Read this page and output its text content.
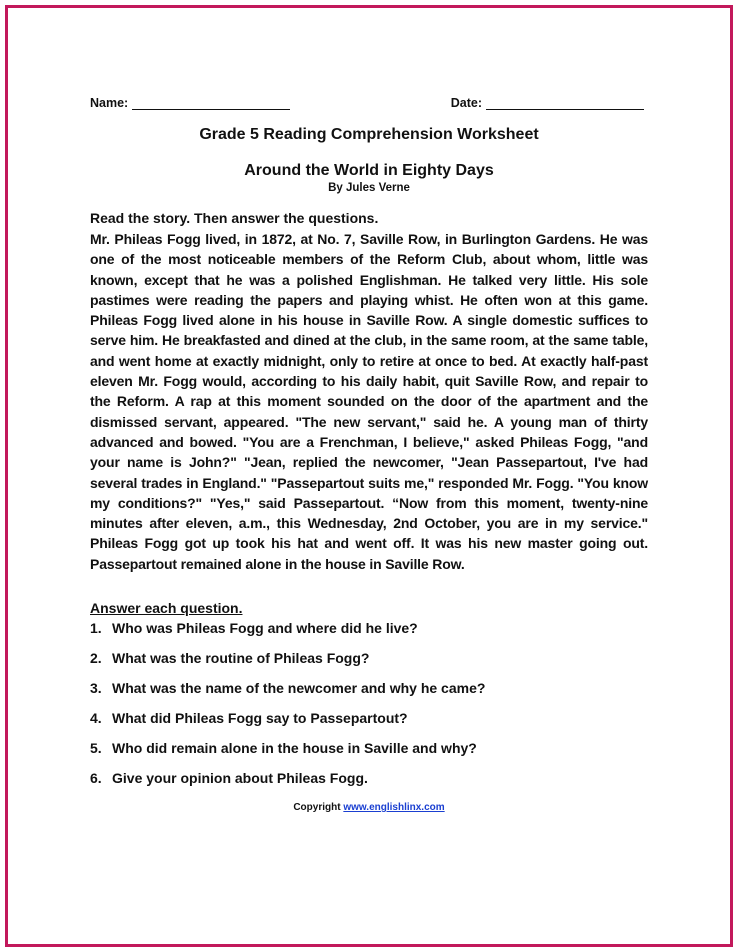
Name:	Date:
Grade 5 Reading Comprehension Worksheet
Around the World in Eighty Days
By Jules Verne
Read the story. Then answer the questions.
Mr. Phileas Fogg lived, in 1872, at No. 7, Saville Row, in Burlington Gardens. He was one of the most noticeable members of the Reform Club, about whom, little was known, except that he was a polished Englishman. He talked very little. His sole pastimes were reading the papers and playing whist. He often won at this game. Phileas Fogg lived alone in his house in Saville Row. A single domestic suffices to serve him. He breakfasted and dined at the club, in the same room, at the same table, and went home at exactly midnight, only to retire at once to bed. At exactly half-past eleven Mr. Fogg would, according to his daily habit, quit Saville Row, and repair to the Reform. A rap at this moment sounded on the door of the apartment and the dismissed servant, appeared. "The new servant," said he. A young man of thirty advanced and bowed. "You are a Frenchman, I believe," asked Phileas Fogg, "and your name is John?" "Jean, replied the newcomer, "Jean Passepartout, I've had several trades in England." "Passepartout suits me," responded Mr. Fogg. "You know my conditions?" "Yes," said Passepartout. “Now from this moment, twenty-nine minutes after eleven, a.m., this Wednesday, 2nd October, you are in my service." Phileas Fogg got up took his hat and went off. It was his new master going out. Passepartout remained alone in the house in Saville Row.
Answer each question.
1. Who was Phileas Fogg and where did he live?
2. What was the routine of Phileas Fogg?
3. What was the name of the newcomer and why he came?
4. What did Phileas Fogg say to Passepartout?
5. Who did remain alone in the house in Saville and why?
6. Give your opinion about Phileas Fogg.
Copyright www.englishlinx.com
